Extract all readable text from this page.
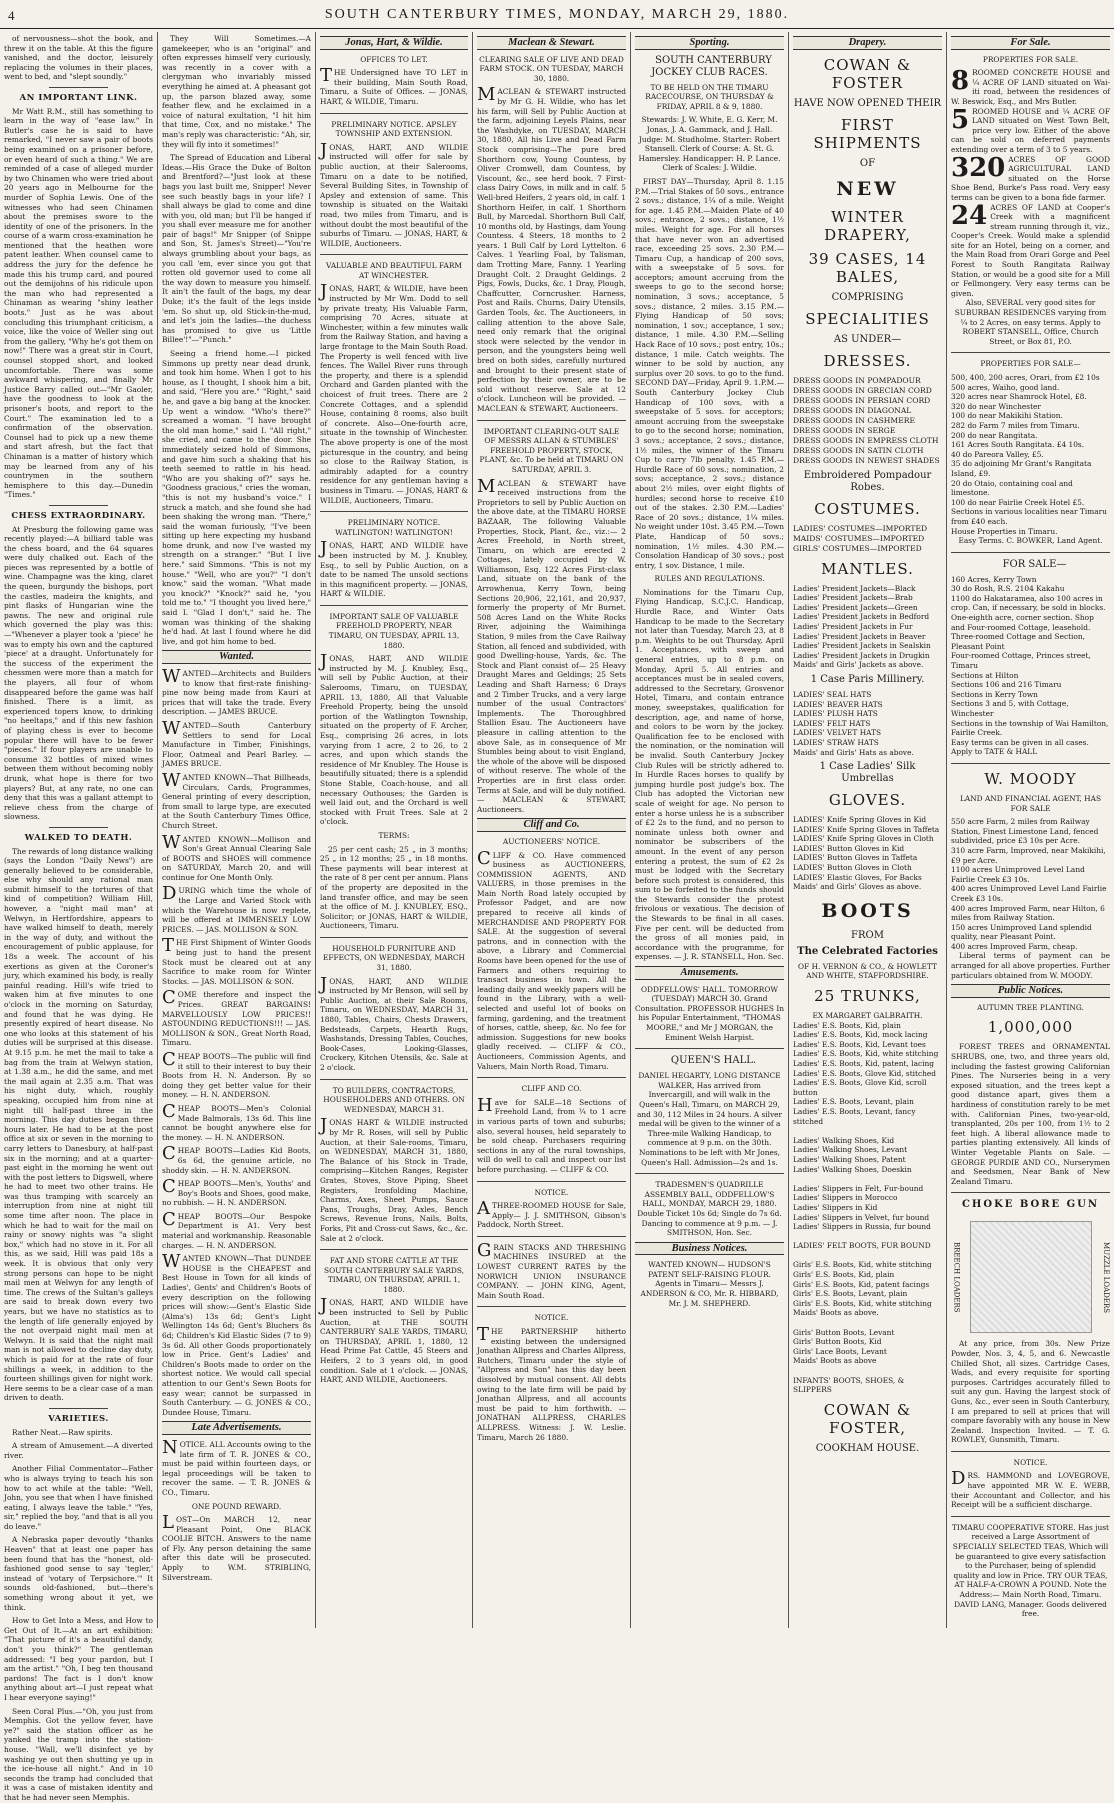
4	SOUTH CANTERBURY TIMES, MONDAY, MARCH 29, 1880.

of nervousness—shot the book, and threw it on the table. At this the figure vanished, and the doctor, leisurely replacing the volumes in their places, went to bed, and "slept soundly."

AN IMPORTANT LINK.

Mr Watt R.M., still has something to learn in the way of "ease law." In Butler's case he is said to have remarked, "I never saw a pair of boots being examined on a prisoner before, or even heard of such a thing." We are reminded of a case of alleged murder by two Chinamen who were tried about 20 years ago in Melbourne for the murder of Sophia Lewis. One of the witnesses who had seen Chinamen about the premises swore to the identity of one of the prisoners. In the course of a warm cross-examination he mentioned that the heathen wore patent leather. When counsel came to address the jury for the defence he made this his trump card, and poured out the demijohns of his ridicule upon the man who had represented a Chinaman as wearing "shiny leather boots." Just as he was about concluding this triumphant criticism, a voice, like the voice of Weller sing out from the gallery, "Why he's got them on now!" There was a great stir in Court, counsel stopped short, and looked uncomfortable. There was some awkward whispering, and finally Mr Justice Barry called out—"Mr Gaoler, have the goodness to look at the prisoner's boots, and report to the Court." The examination led to a confirmation of the observation. Counsel had to pick up a new theme and start afresh, but the fact that Chinaman is a matter of history which may be learned from any of his countrymen in the southern hemisphere to this day.—Dunedin "Times."

CHESS EXTRAORDINARY.

At Presburg the following game was recently played:—A billiard table was the chess board, and the 64 squares were duly chalked out. Each of the pieces was represented by a bottle of wine. Champagne was the king, claret the queen, burgundy the bishops, port the castles, madeira the knights, and pint flasks of Hungarian wine the pawns. The new and original rule which governed the play was this:—"Whenever a player took a 'piece' he was to empty his own and the captured 'piece' at a draught. Unfortunately for the success of the experiment the chessmen were more than a match for the players, all four of whom disappeared before the game was half finished. There is a limit, as experienced topers know, to drinking "no heeltaps," and if this new fashion of playing chess is ever to become popular there will have to be fewer "pieces." If four players are unable to consume 32 bottles of mixed wines between them without becoming nobly drunk, what hope is there for two players? But, at any rate, no one can deny that this was a gallant attempt to relieve chess from the charge of slowness.

WALKED TO DEATH.

The rewards of long distance walking (says the London "Daily News") are generally believed to be considerable, else why should any rational man submit himself to the tortures of that kind of competition? William Hill, however, a "night mail man" at Welwyn, in Hertfordshire, appears to have walked himself to death, merely in the way of duty, and without the encouragement of public applause, for 18s a week. The account of his exertions as given at the Coroner's jury, which examined his body, is really painful reading. Hill's wife tried to waken him at five minutes to one o'clock in the morning on Saturday, and found that he was dying. He presently expired of heart disease. No one who looks at this statement of his duties will be surprised at this disease. At 9.15 p.m. he met the mail to take a bag from the train at Welwyn station, at 1.38 a.m., he did the same, and met the mail again at 2.35 a.m. That was his night duty, which, roughly speaking, occupied him from nine at night till half-past three in the morning. This day duties began three hours later. He had to be at the post office at six or seven in the morning to carry letters to Danesbury, at half-past six in the morning; and at a quarter-past eight in the morning he went out with the post letters to Digswell, where he had to meet two other trains. He was thus tramping with scarcely an interruption from nine at night till some time after noon. The place in which he had to wait for the mail on rainy or snowy nights was "a slight box," which had no stove in it. For all this, as we said, Hill was paid 18s a week. It is obvious that only very strong persons can hope to be night mail men at Welwyn for any length of time. The crews of the Sultan's galleys are said to break down every two years, but we have no statistics as to the length of life generally enjoyed by the not overpaid night mail men at Welwyn. It is said that the night mail man is not allowed to decline day duty, which is paid for at the rate of four shillings a week, in addition to the fourteen shillings given for night work. Here seems to be a clear case of a man driven to death.

VARIETIES.

Rather Neat.—Raw spirits.

A stream of Amusement.—A diverted river.

Another Filial Commentator—Father who is always trying to teach his son how to act while at the table: "Well, John, you see that when I have finished eating, I always leave the table." "Yes, sir," replied the boy, "and that is all you do leave."

A Nebraska paper devoutly "thanks Heaven" that at least one paper has been found that has the "honest, old-fashioned good sense to say 'tegler,' instead of 'votary of Terpsichore.'" It sounds old-fashioned, but—there's something wrong about it yet, we think.

How to Get Into a Mess, and How to Get Out of It.—At an art exhibition: "That picture of it's a beautiful dandy, don't you think?" The gentleman addressed: "I beg your pardon, but I am the artist." "Oh, I beg ten thousand pardons! The fact is I don't know anything about art—I just repeat what I hear everyone saying!"

Seen Coral Plus.—"Oh, you just from Memphis. Got the yellow fever, have ye?" said the station officer as he yanked the tramp into the station-house. "Wall, we'll disinfect ye by washing ye out then shutting ye up in the ice-house all night." And in 10 seconds the tramp had concluded that it was a case of mistaken identity and that he had never seen Memphis.

They Will Sometimes.—A gamekeeper, who is an "original" and often expresses himself very curiously, was recently in a cover with a clergyman who invariably missed everything he aimed at. A pheasant got up, the parson blazed away, some feather flew, and he exclaimed in a voice of natural exultation, "I hit him that time, Cox, and no mistake." The man's reply was characteristic: "Ah, sir, they will fly into it sometimes!"

The Spread of Education and Liberal Ideas.—His Grace the Duke of Bolton and Brentford?—"Just look at these bags you last built me, Snipper! Never see such beastly bags in your life? I shall always be glad to come and dine with you, old man; but I'll be hanged if you shall ever measure me for another pair of bags!" Mr Snipper (of Snippe and Son, St. James's Street)—"You're always grumbling about your bags, as you call 'em, ever since you got that rotten old governor used to come all the way down to measure you himself. It ain't the fault of the bags, my dear Duke; it's the fault of the legs inside 'em. So shut up, old Stick-in-the-mud, and let's join the ladies—the duchess has promised to give us 'Little Billee'!"—"Punch."

Seeing a friend home.—I picked Simmons up pretty near dead drunk, and took him home. When I got to his house, as I thought, I shook him a bit, and said, "Here you are." "Right," said he, and gave a big bang at the knocker. Up went a window. "Who's there?" screamed a woman. "I have brought the old man home," said I. "All right," she cried, and came to the door. She immediately seized hold of Simmons, and gave him such a shaking that his teeth seemed to rattle in his head. "Who are you shaking of?" says he. "Goodness gracious," cries the woman, "this is not my husband's voice." I struck a match, and she found she had been shaking the wrong man. "There," said the woman furiously, "I've been sitting up here expecting my husband home drunk, and now I've wasted my strength on a stranger." "But I live here." said Simmons. "This is not my house." "Well, who are you?" "I don't know," said the woman. "What made you knock?" "Knock?" said he, "you told me to." "I thought you lived here," said I. "Glad I don't," said he. The woman was thinking of the shaking he'd had. At last I found where he did live, and got him home to bed.

Wanted.

WANTED—Architects and Builders to know that first-rate finishing-pine now being made from Kauri at prices that will take the trade. Every description. — JAMES BRUCE.

WANTED—South Canterbury Settlers to send for Local Manufacture in Timber, Finishings, Floor, Oatmeal and Pearl Barley. — JAMES BRUCE.

WANTED KNOWN—That Billheads, Circulars, Cards, Programmes, General printing of every description, from small to large type, are executed at the South Canterbury Times Office, Church Street.

WANTED KNOWN—Mollison and Son's Great Annual Clearing Sale of BOOTS and SHOES will commence on SATURDAY, March 20, and will continue for One Month Only.

DURING which time the whole of the Large and Varied Stock with which the Warehouse is now replete, will be offered at IMMENSELY LOW PRICES. — JAS. MOLLISON & SON.

THE First Shipment of Winter Goods being just to hand the present Stock must be cleared out at any Sacrifice to make room for Winter Stocks. — JAS. MOLLISON & SON.

COME therefore and inspect the Prices. GREAT BARGAINS! MARVELLOUSLY LOW PRICES!! ASTOUNDING REDUCTIONS!!! — JAS. MOLLISON & SON., Great North Road, Timaru.

CHEAP BOOTS—The public will find it still to their interest to buy their Boots from H. N. Anderson. By so doing they get better value for their money. — H. N. ANDERSON.

CHEAP BOOTS—Men's Colonial Made Balmorals, 13s 6d. This line cannot be bought anywhere else for the money. — H. N. ANDERSON.

CHEAP BOOTS—Ladies Kid Boots, 6s 6d, the genuine article, no shoddy skin. — H. N. ANDERSON.

CHEAP BOOTS—Men's, Youths' and Boy's Boots and Shoes, good make, no rubbish. — H. N. ANDERSON.

CHEAP BOOTS—Our Bespoke Department is A1. Very best material and workmanship. Reasonable charges. — H. N. ANDERSON.

WANTED KNOWN—That DUNDEE HOUSE is the CHEAPEST and Best House in Town for all kinds of Ladies', Gents' and Children's Boots of every description on the following prices will show:—Gent's Elastic Side (Alma's) 13s 6d; Gent's Light Wellington 14s 6d; Gent's Bluchers 8s 6d; Children's Kid Elastic Sides (7 to 9) 3s 6d. All other Goods proportionately low in Price. Gent's Ladies' and Children's Boots made to order on the shortest notice. We would call special attention to our Gent's Sewn Boots for easy wear; cannot be surpassed in South Canterbury. — G. JONES & CO., Dundee House, Timaru.

Late Advertisements.

NOTICE. ALL Accounts owing to the late firm of T. R. JONES & CO., must be paid within fourteen days, or legal proceedings will be taken to recover the same. — T. R. JONES & CO., Timaru.

ONE POUND REWARD.

LOST—On MARCH 12, near Pleasant Point, One BLACK COOLIE BITCH. Answers to the name of Fly. Any person detaining the same after this date will be prosecuted. Apply to W.M. STRIBLING, Silverstream.

Jonas, Hart, & Wildie.

OFFICES TO LET.

THE Undersigned have TO LET in their building, Main South Road, Timaru, a Suite of Offices. — JONAS, HART, & WILDIE, Timaru.

PRELIMINARY NOTICE. APSLEY TOWNSHIP AND EXTENSION.

JONAS, HART, AND WILDIE instructed will offer for sale by public auction, at their Salerooms, Timaru on a date to be notified, Several Building Sites, in Township of Apsley and extension of same. This township is situated on the Waitaki road, two miles from Timaru, and is without doubt the most beautiful of the suburbs of Timaru. — JONAS, HART, & WILDIE, Auctioneers.

VALUABLE AND BEAUTIFUL FARM AT WINCHESTER.

JONAS, HART, & WILDIE, have been instructed by Mr Wm. Dodd to sell by private treaty, His Valuable Farm, comprising 70 Acres, situate at Winchester, within a few minutes walk from the Railway Station, and having a large frontage to the Main South Road. The Property is well fenced with live fences. The Wallel River runs through the property, and there is a splendid Orchard and Garden planted with the choicest of fruit trees. There are 2 Concrete Cottages, and a splendid House, containing 8 rooms, also built of concrete. Also—One-fourth acre, situate in the township of Winchester. The above property is one of the most picturesque in the country, and being so close to the Railway Station, is admirably adapted for a country residence for any gentleman having a business in Timaru. — JONAS, HART & WILDIE, Auctioneers, Timaru.

PRELIMINARY NOTICE. WATLINGTON! WATLINGTON!

JONAS, HART, AND WILDIE have been instructed by M. J. Knubley, Esq., to sell by Public Auction, on a date to be named The unsold sections in this magnificent property. — JONAS, HART & WILDIE.

IMPORTANT SALE OF VALUABLE FREEHOLD PROPERTY, NEAR TIMARU, ON TUESDAY, APRIL 13, 1880.

JONAS, HART, AND WILDIE instructed by M. J. Knubley, Esq., will sell by Public Auction, at their Salerooms, Timaru, on TUESDAY, APRIL 13, 1880, All that Valuable Freehold Property, being the unsold portion of the Watlington Township, situated on the property of F. Archer, Esq., comprising 26 acres, in lots varying from 1 acre, 2 to 26, to 2 acres, and upon which stands the residence of Mr Knubley. The House is beautifully situated; there is a splendid Stone Stable, Coach-house, and all necessary Outhouses; the Garden is well laid out, and the Orchard is well stocked with Fruit Trees. Sale at 2 o'clock.

TERMS:

25 per cent cash; 25 „ in 3 months; 25 „ in 12 months; 25 „ in 18 months. These payments will bear interest at the rate of 8 per cent per annum. Plans of the property are deposited in the land transfer office, and may be seen at the office of M. J. KNUBLEY, ESQ., Solicitor; or JONAS, HART & WILDIE, Auctioneers, Timaru.

HOUSEHOLD FURNITURE AND EFFECTS, ON WEDNESDAY, MARCH 31, 1880.

JONAS, HART, AND WILDIE instructed by Mr Benson, will sell by Public Auction, at their Sale Rooms, Timaru, on WEDNESDAY, MARCH 31, 1880, Tables, Chairs, Chests Drawers, Bedsteads, Carpets, Hearth Rugs, Washstands, Dressing Tables, Couches, Book-Cases, Looking-Glasses, Crockery, Kitchen Utensils, &c. Sale at 2 o'clock.

TO BUILDERS, CONTRACTORS, HOUSEHOLDERS AND OTHERS. ON WEDNESDAY, MARCH 31.

JONAS HART & WILDIE instructed by Mr R. Roses, will sell by Public Auction, at their Sale-rooms, Timaru, on WEDNESDAY, MARCH 31, 1880, The Balance of his Stock in Trade, comprising—Kitchen Ranges, Register Grates, Stoves, Stove Piping, Sheet Registers, Ironfolding Machine, Charms, Axes, Sheet Pumps, Sauce Pans, Troughs, Dray, Axles, Bench Screws, Revenue Irons, Nails, Bolts, Forks, Pit and Cross-cut Saws, &c., &c. Sale at 2 o'clock.

FAT AND STORE CATTLE AT THE SOUTH CANTERBURY SALE YARDS, TIMARU, ON THURSDAY, APRIL 1, 1880.

JONAS, HART, AND WILDIE have been instructed to Sell by Public Auction, at THE SOUTH CANTERBURY SALE YARDS, TIMARU, on THURSDAY, APRIL 1, 1880, 12 Head Prime Fat Cattle, 45 Steers and Heifers, 2 to 3 years old, in good condition. Sale at 1 o'clock. — JONAS, HART, AND WILDIE, Auctioneers.

Maclean & Stewart.

CLEARING SALE OF LIVE AND DEAD FARM STOCK. ON TUESDAY, MARCH 30, 1880.

MACLEAN & STEWART instructed by Mr G. H. Wildie, who has let his farm, will Sell by Public Auction at the farm, adjoining Leyels Plains, near the Washdyke, on TUESDAY, MARCH 30, 1880, All his Live and Dead Farm Stock comprising—The pure bred Shorthorn cow, Young Countess, by Oliver Cromwell, dam Countess, by Viscount, &c., see herd book. 7 First-class Dairy Cows, in milk and in calf. 5 Well-bred Heifers, 2 years old, in calf. 1 Shorthorn Heifer, in calf. 1 Shorthorn Bull, by Marcedal. Shorthorn Bull Calf, 10 months old, by Hastings, dam Young Countess. 4 Steers, 18 months to 2 years. 1 Bull Calf by Lord Lyttelton. 6 Calves. 1 Yearling Foal, by Talisman, dam Trotting Mare, Fanny. 1 Yearling Draught Colt. 2 Draught Geldings. 2 Pigs, Fowls, Ducks, &c. 1 Dray, Plough, Chaffcutter, Corncrusher. Harness, Post and Rails. Churns, Dairy Utensils, Garden Tools, &c. The Auctioneers, in calling attention to the above Sale, need only remark that the original stock were selected by the vendor in person, and the youngsters being well bred on both sides, carefully nurtured and brought to their present state of perfection by their owner, are to be sold without reserve. Sale at 12 o'clock. Luncheon will be provided. — MACLEAN & STEWART, Auctioneers.

IMPORTANT CLEARING-OUT SALE OF MESSRS ALLAN & STUMBLES' FREEHOLD PROPERTY, STOCK, PLANT, &c. To be held at TIMARU ON SATURDAY, APRIL 3.

MACLEAN & STEWART have received instructions from the Proprietors to sell by Public Auction on the above date, at the TIMARU HORSE BAZAAR, The following Valuable Properties, Stock, Plant, &c., viz.:— 2 Acres Freehold, in North street, Timaru, on which are erected 2 Cottages, lately occupied by W. Williamson, Esq. 122 Acres First-class Land, situate on the bank of the Arrowhenua, Kerry Town, being Sections 20,906, 22,161, and 20,937, formerly the property of Mr Burnet. 508 Acres Land on the White Rocks River, adjoining the Waimihinga Station, 9 miles from the Cave Railway Station, all fenced and subdivided, with good Dwelling-house, Yards, &c. The Stock and Plant consist of— 25 Heavy Draught Mares and Geldings; 25 Sets Leading and Shaft Harness; 6 Drays and 2 Timber Trucks, and a very large number of the usual Contractors' Implements. The Thoroughbred Stallion Esau. The Auctioneers have pleasure in calling attention to the above Sale, as in consequence of Mr Stumbles being about to visit England, the whole of the above will be disposed of without reserve. The whole of the Properties are in first class order. Terms at Sale, and will be duly notified. — MACLEAN & STEWART, Auctioneers.

Cliff and Co.

AUCTIONEERS' NOTICE.

CLIFF & CO. Have commenced business as AUCTIONEERS, COMMISSION AGENTS, AND VALUERS, in those premises in the Main North Road lately occupied by Professor Padget, and are now prepared to receive all kinds of MERCHANDISE AND PROPERTY FOR SALE. At the suggestion of several patrons, and in connection with the above, a Library and Commercial Rooms have been opened for the use of Farmers and others requiring to transact business in town. All the leading daily and weekly papers will be found in the Library, with a well-selected and useful lot of books on farming, gardening, and the treatment of horses, cattle, sheep, &c. No fee for admission. Suggestions for new books gladly received. — CLIFF & CO., Auctioneers, Commission Agents, and Valuers, Main North Road, Timaru.

CLIFF AND CO.

Have for SALE—18 Sections of Freehold Land, from ¼ to 1 acre in various parts of town and suburbs; also, several houses, held separately to be sold cheap. Purchasers requiring sections in any of the rural townships, will do well to call and inspect our list before purchasing. — CLIFF & CO.

NOTICE.

ATHREE-ROOMED HOUSE for Sale, Apply— J. J. SMITHSON, Gibson's Paddock, North Street.

GRAIN STACKS AND THRESHING MACHINES INSURED at the LOWEST CURRENT RATES by the NORWICH UNION INSURANCE COMPANY. — JOHN KING, Agent, Main South Road.

NOTICE.

THE PARTNERSHIP hitherto existing between the undersigned Jonathan Allpress and Charles Allpress, Butchers, Timaru under the style of "Allpress and Son" has this day been dissolved by mutual consent. All debts owing to the late firm will be paid by Jonathan Allpress, and all accounts must be paid to him forthwith. — JONATHAN ALLPRESS, CHARLES ALLPRESS. Witness: J. W. Leslie. Timaru, March 26 1880.

Sporting.

SOUTH CANTERBURY JOCKEY CLUB RACES.

TO BE HELD ON THE TIMARU RACECOURSE, ON THURSDAY & FRIDAY, APRIL 8 & 9, 1880.

Stewards: J. W. White, E. G. Kerr, M. Jonas, J. A. Gammack, and J. Hall. Judge: M. Studholme. Starter: Robert Stansell. Clerk of Course: A. St. G. Hamersley. Handicapper: H. P. Lance. Clerk of Scales: J. Wildie.

FIRST DAY—Thursday, April 8. 1.15 P.M.—Trial Stakes of 50 sovs., entrance 2 sovs.; distance, 1¼ of a mile. Weight for age. 1.45 P.M.—Maiden Plate of 40 sovs.; entrance, 2 sovs.; distance, 1½ miles. Weight for age. For all horses that have never won an advertised race, exceeding 25 sovs. 2.30 P.M.—Timaru Cup, a handicap of 200 sovs, with a sweepstake of 5 sovs. for acceptors; amount accruing from the sweeps to go to the second horse; nomination, 3 sovs.; acceptance, 5 sovs.; distance, 2 miles. 3.15 P.M.—Flying Handicap of 50 sovs; nomination, 1 sov.; acceptance, 1 sov.; distance, 1 mile. 4.30 P.M.—Selling Hack Race of 10 sovs.; post entry, 10s.; distance, 1 mile. Catch weights. The winner to be sold by auction, any surplus over 20 sovs. to go to the fund. SECOND DAY—Friday, April 9. 1.P.M.—South Canterbury Jockey Club Handicap of 100 sovs, with a sweepstake of 5 sovs. for acceptors; amount accruing from the sweepstake to go to the second horse; nomination, 3 sovs.; acceptance, 2 sovs.; distance, 1½ miles, the winner of the Timaru Cup to carry 7lb penalty. 1.45 P.M.—Hurdle Race of 60 sovs.; nomination, 2 sovs; acceptance, 2 sovs.; distance about 2½ miles, over eight flights of hurdles; second horse to receive £10 out of the stakes. 2.30 P.M.—Ladies' Race of 20 sovs.; distance, 1¼ miles. No weight under 10st. 3.45 P.M.—Town Plate, Handicap of 50 sovs.; nomination, 1½ miles. 4.30 P.M.—Consolation Handicap of 30 sovs.; post entry, 1 sov. Distance, 1 mile.

RULES AND REGULATIONS.

Nominations for the Timaru Cup, Flying Handicap, S.C.J.C. Handicap, Hurdle Race, and Winter Oats Handicap to be made to the Secretary not later than Tuesday, March 23, at 8 p.m. Weights to be out Thursday, April 1. Acceptances, with sweep and general entries, up to 8 p.m. on Monday, April 5. All entries and acceptances must be in sealed covers, addressed to the Secretary, Grosvenor Hotel, Timaru, and contain entrance money, sweepstakes, qualification for description, age, and name of horse, and colors to be worn by the jockey. Qualification fee to be enclosed with the nomination, or the nomination will be invalid. South Canterbury Jockey Club Rules will be strictly adhered to. In Hurdle Races horses to qualify by jumping hurdle post judge's box. The Club has adopted the Victorian new scale of weight for age. No person to enter a horse unless he is a subscriber of £2 2s to the fund, and no person to nominate unless both owner and nominator be subscribers of the amount. In the event of any person entering a protest, the sum of £2 2s must be lodged with the Secretary before such protest is considered, this sum to be forfeited to the funds should the Stewards consider the protest frivolous or vexatious. The decision of the Stewards to be final in all cases. Five per cent. will be deducted from the gross of all monies paid, in accordance with the programme, for expenses. — J. R. STANSELL, Hon. Sec.

Amusements.

ODDFELLOWS' HALL. TOMORROW (TUESDAY) MARCH 30. Grand Consultation. PROFESSOR HUGHES In his Popular Entertainment, "THOMAS MOORE," and Mr J MORGAN, the Eminent Welsh Harpist.

QUEEN'S HALL.

DANIEL HEGARTY, LONG DISTANCE WALKER, Has arrived from Invercargill, and will walk in the Queen's Hall, Timaru, on MARCH 29, and 30, 112 Miles in 24 hours. A silver medal will be given to the winner of a Three-mile Walking Handicap, to commence at 9 p.m. on the 30th. Nominations to be left with Mr Jones, Queen's Hall. Admission—2s and 1s.

TRADESMEN'S QUADRILLE ASSEMBLY BALL, ODDFELLOW'S HALL, MONDAY, MARCH 29, 1880. Double Ticket 10s 6d; Single do 7s 6d. Dancing to commence at 9 p.m. — J. SMITHSON, Hon. Sec.

Business Notices.

WANTED KNOWN— HUDSON'S PATENT SELF-RAISING FLOUR. Agents in Timaru— Messrs J. ANDERSON & CO, Mr. R. HIBBARD, Mr. J. M. SHEPHERD.

Drapery.
COWAN & FOSTER
HAVE NOW OPENED THEIR
FIRST SHIPMENTS
OF
NEW
WINTER DRAPERY,
39 CASES, 14 BALES,
COMPRISING
SPECIALITIES
AS UNDER—
DRESSES.
DRESS GOODS IN POMPADOUR
DRESS GOODS IN GRECIAN CORD
DRESS GOODS IN PERSIAN CORD
DRESS GOODS IN DIAGONAL
DRESS GOODS IN CASHMERE
DRESS GOODS IN SERGE
DRESS GOODS IN EMPRESS CLOTH
DRESS GOODS IN SATIN CLOTH
DRESS GOODS IN NEWEST SHADES
Embroidered Pompadour Robes.
COSTUMES.
LADIES' COSTUMES—IMPORTED
MAIDS' COSTUMES—IMPORTED
GIRLS' COSTUMES—IMPORTED
MANTLES.
Ladies' President Jackets—Black
Ladies' President Jackets—Brab
Ladies' President Jackets—Green
Ladies' President Jackets in Bedford
Ladies' President Jackets in Fur
Ladies' President Jackets in Beaver
Ladies' President Jackets in Sealskin
Ladies' President Jackets in Drugkin
Maids' and Girls' Jackets as above.
1 Case Paris Millinery.
LADIES' SEAL HATS
LADIES' BEAVER HATS
LADIES' PLUSH HATS
LADIES' FELT HATS
LADIES' VELVET HATS
LADIES' STRAW HATS
Maids' and Girls' Hats as above.
1 Case Ladies' Silk Umbrellas
GLOVES.
LADIES' Knife Spring Gloves in Kid
LADIES' Knife Spring Gloves in Taffeta
LADIES' Knife Spring Gloves in Cloth
LADIES' Button Gloves in Kid
LADIES' Button Gloves in Taffeta
LADIES' Button Gloves in Cloth
LADIES' Elastic Gloves, For Backs
Maids' and Girls' Gloves as above.
BOOTS
FROM
The Celebrated Factories
OF H. VERNON & CO., & HOWLETT AND WHITE, STAFFORDSHIRE.
25 TRUNKS,
EX MARGARET GALBRAITH.
Ladies' E.S. Boots, Kid, plain
Ladies' E.S. Boots, Kid, mock lacing
Ladies' E.S. Boots, Kid, Levant toes
Ladies' E.S. Boots, Kid, white stitching
Ladies' E.S. Boots, Kid, patent, lacing
Ladies' E.S. Boots, Glove Kid, stitched
Ladies' E.S. Boots, Glove Kid, scroll button
Ladies' E.S. Boots, Levant, plain
Ladies' E.S. Boots, Levant, fancy stitched

Ladies' Walking Shoes, Kid
Ladies' Walking Shoes, Levant
Ladies' Walking Shoes, Patent
Ladies' Walking Shoes, Doeskin

Ladies' Slippers in Felt, Fur-bound
Ladies' Slippers in Morocco
Ladies' Slippers in Kid
Ladies' Slippers in Velvet, fur bound
Ladies' Slippers in Russia, fur bound

LADIES' FELT BOOTS, FUR BOUND

Girls' E.S. Boots, Kid, white stitching
Girls' E.S. Boots, Kid, plain
Girls' E.S. Boots, Kid, patent facings
Girls' E.S. Boots, Levant, plain
Girls' E.S. Boots, Kid, white stitching
Maids' Boots as above.

Girls' Button Boots, Levant
Girls' Button Boots, Kid
Girls' Lace Boots, Levant
Maids' Boots as above

INFANTS' BOOTS, SHOES, & SLIPPERS
COWAN & FOSTER,
COOKHAM HOUSE.
For Sale.

PROPERTIES FOR SALE.

8 ROOMED CONCRETE HOUSE and ¼ ACRE OF LAND situated on Wai-iti road, between the residences of W. Beswick, Esq., and Mrs Butler.
5 ROOMED HOUSE and ¼ ACRE OF LAND situated on West Town Belt, price very low. Either of the above can be sold on deferred payments extending over a term of 3 to 5 years.
320 ACRES OF GOOD AGRICULTURAL LAND situated on the Horse Shoe Bend, Burke's Pass road. Very easy terms can be given to a bona fide farmer.
24 ACRES OF LAND at Cooper's Creek with a magnificent stream running through it, viz., Cooper's Creek. Would make a splendid site for an Hotel, being on a corner, and the Main Road from Orari Gorge and Peel Forest to South Rangitata Railway Station, or would be a good site for a Mill or Fellmongery. Very easy terms can be given.

Also, SEVERAL very good sites for SUBURBAN RESIDENCES varying from ¼ to 2 Acres, on easy terms. Apply to ROBERT STANSELL, Office, Church Street, or Box 81, P.O.

PROPERTIES FOR SALE—

500, 400, 200 acres, Orari, from £2 10s
500 acres, Waiho, good land.
320 acres near Shamrock Hotel, £8.
320 do near Winchester
100 do near Makikihi Station.
282 do Farm 7 miles from Timaru.
200 do near Rangitata.
161 Acres South Rangitata. £4 10s.
40 do Pareora Valley, £5.
35 do adjoining Mr Grant's Rangitata Island, £9.
20 do Otaio, containing coal and limestone.
100 do near Fairlie Creek Hotel £5.
Sections in various localities near Timaru from £40 each.
House Properties in Timaru.

Easy Terms. C. BOWKER, Land Agent.

FOR SALE—

160 Acres, Kerry Town
30 do Rosh, R.S. 2104 Kakahu
1100 do Hakataramea, also 100 acres in crop. Can, if necessary, be sold in blocks.
One-eighth acre, corner section. Shop and Four-roomed Cottage, leasehold.
Three-roomed Cottage and Section, Pleasant Point
Four-roomed Cottage, Princes street, Timaru
Sections at Hilton
Sections 106 and 216 Timaru
Sections in Kerry Town
Sections 3 and 5, with Cottage, Winchester
Sections in the township of Wai Hamilton, Fairlie Creek.
Easy terms can be given in all cases. Apply to TATE & HALL
W. MOODY

LAND AND FINANCIAL AGENT, HAS FOR SALE

550 acre Farm, 2 miles from Railway Station, Finest Limestone Land, fenced subdivided, price £3 10s per Acre.
310 acre Farm, Improved, near Makikihi, £9 per Acre.
1100 acres Unimproved Level Land Fairlie Creek £3 10s.
400 acres Unimproved Level Land Fairlie Creek £3 10s.
400 acres Improved Farm, near Hilton, 6 miles from Railway Station.
150 acres Unimproved Land splendid quality, near Pleasant Point.
400 acres Improved Farm, cheap.

Liberal terms of payment can be arranged for all above properties. Further particulars obtained from W. MOODY.

Public Notices.

AUTUMN TREE PLANTING.

1,000,000

FOREST TREES and ORNAMENTAL SHRUBS, one, two, and three years old, including the fastest growing Californian Pines. The Nurseries being in a very exposed situation, and the trees kept a good distance apart, gives them a hardiness of constitution rarely to be met with. Californian Pines, two-year-old, transplanted, 20s per 100, from 1½ to 2 feet high. A liberal allowance made to parties planting extensively. All kinds of Winter Vegetable Plants on Sale. — GEORGE PURDIE AND CO., Nurserymen and Seedsmen, Near Bank of New Zealand Timaru.

CHOKE BORE GUN
BREECH LOADERS	MUZZLE LOADERS

At any price, from 30s. New Prize Powder, Nos. 3, 4, 5, and 6. Newcastle Chilled Shot, all sizes. Cartridge Cases, Wads, and every requisite for sporting purposes. Cartridges accurately filled to suit any gun. Having the largest stock of Guns, &c., ever seen in South Canterbury, I am prepared to sell at prices that will compare favorably with any house in New Zealand. Inspection Invited. — T. G. ROWLEY, Gunsmith, Timaru.

NOTICE.

DRS. HAMMOND and LOVEGROVE, have appointed MR W. E. WEBB, their Accountant and Collector, and his Receipt will be a sufficient discharge.

TIMARU COOPERATIVE STORE. Has just received a Large Assortment of SPECIALLY SELECTED TEAS, Which will be guaranteed to give every satisfaction to the Purchaser, being of splendid quality and low in Price. TRY OUR TEAS, AT HALF-A-CROWN A POUND. Note the Address:— Main North Road, Timaru. DAVID LANG, Manager. Goods delivered free.
